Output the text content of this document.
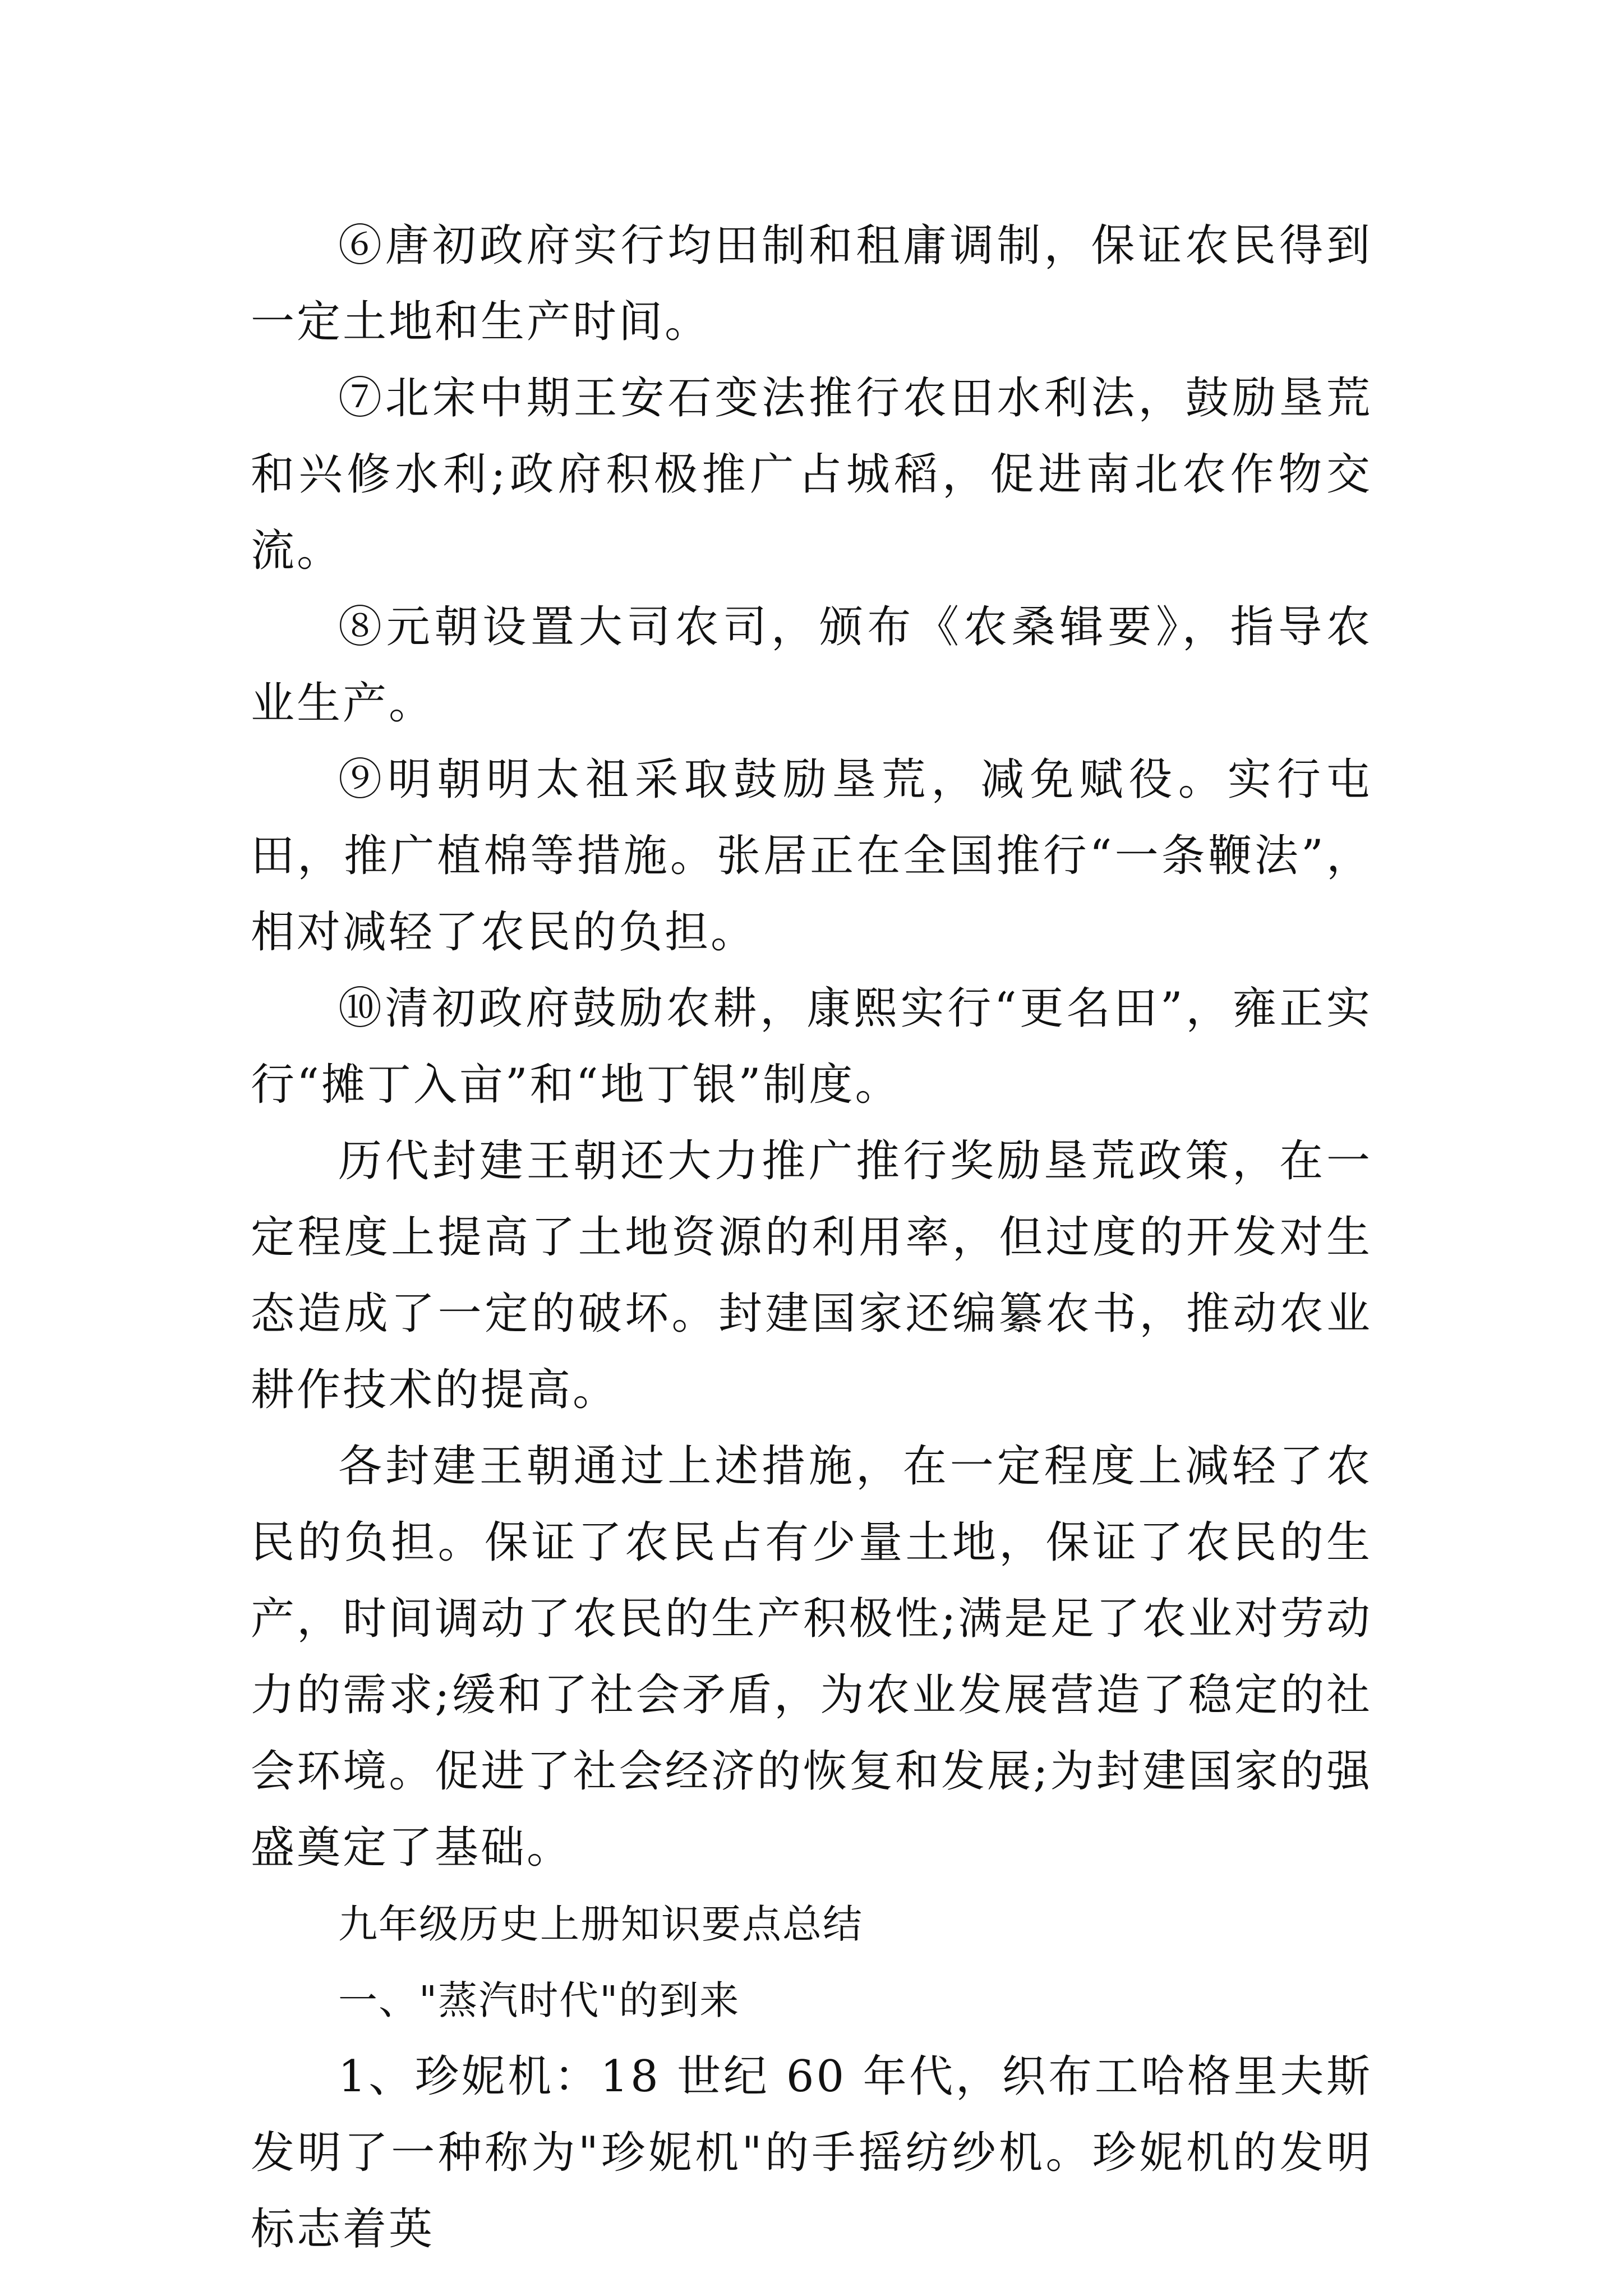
⑥唐初政府实行均田制和租庸调制，保证农民得到一定土地和生产时间。

⑦北宋中期王安石变法推行农田水利法，鼓励垦荒和兴修水利;政府积极推广占城稻，促进南北农作物交流。

⑧元朝设置大司农司，颁布《农桑辑要》，指导农业生产。

⑨明朝明太祖采取鼓励垦荒，减免赋役。实行屯田，推广植棉等措施。张居正在全国推行“一条鞭法”，相对减轻了农民的负担。

⑩清初政府鼓励农耕，康熙实行“更名田”，雍正实行“摊丁入亩”和“地丁银”制度。

历代封建王朝还大力推广推行奖励垦荒政策，在一定程度上提高了土地资源的利用率，但过度的开发对生态造成了一定的破坏。封建国家还编纂农书，推动农业耕作技术的提高。

各封建王朝通过上述措施，在一定程度上减轻了农民的负担。保证了农民占有少量土地，保证了农民的生产，时间调动了农民的生产积极性;满是足了农业对劳动力的需求;缓和了社会矛盾，为农业发展营造了稳定的社会环境。促进了社会经济的恢复和发展;为封建国家的强盛奠定了基础。

九年级历史上册知识要点总结

一、"蒸汽时代"的到来

1、珍妮机：18 世纪 60 年代，织布工哈格里夫斯发明了一种称为"珍妮机"的手摇纺纱机。珍妮机的发明标志着英
